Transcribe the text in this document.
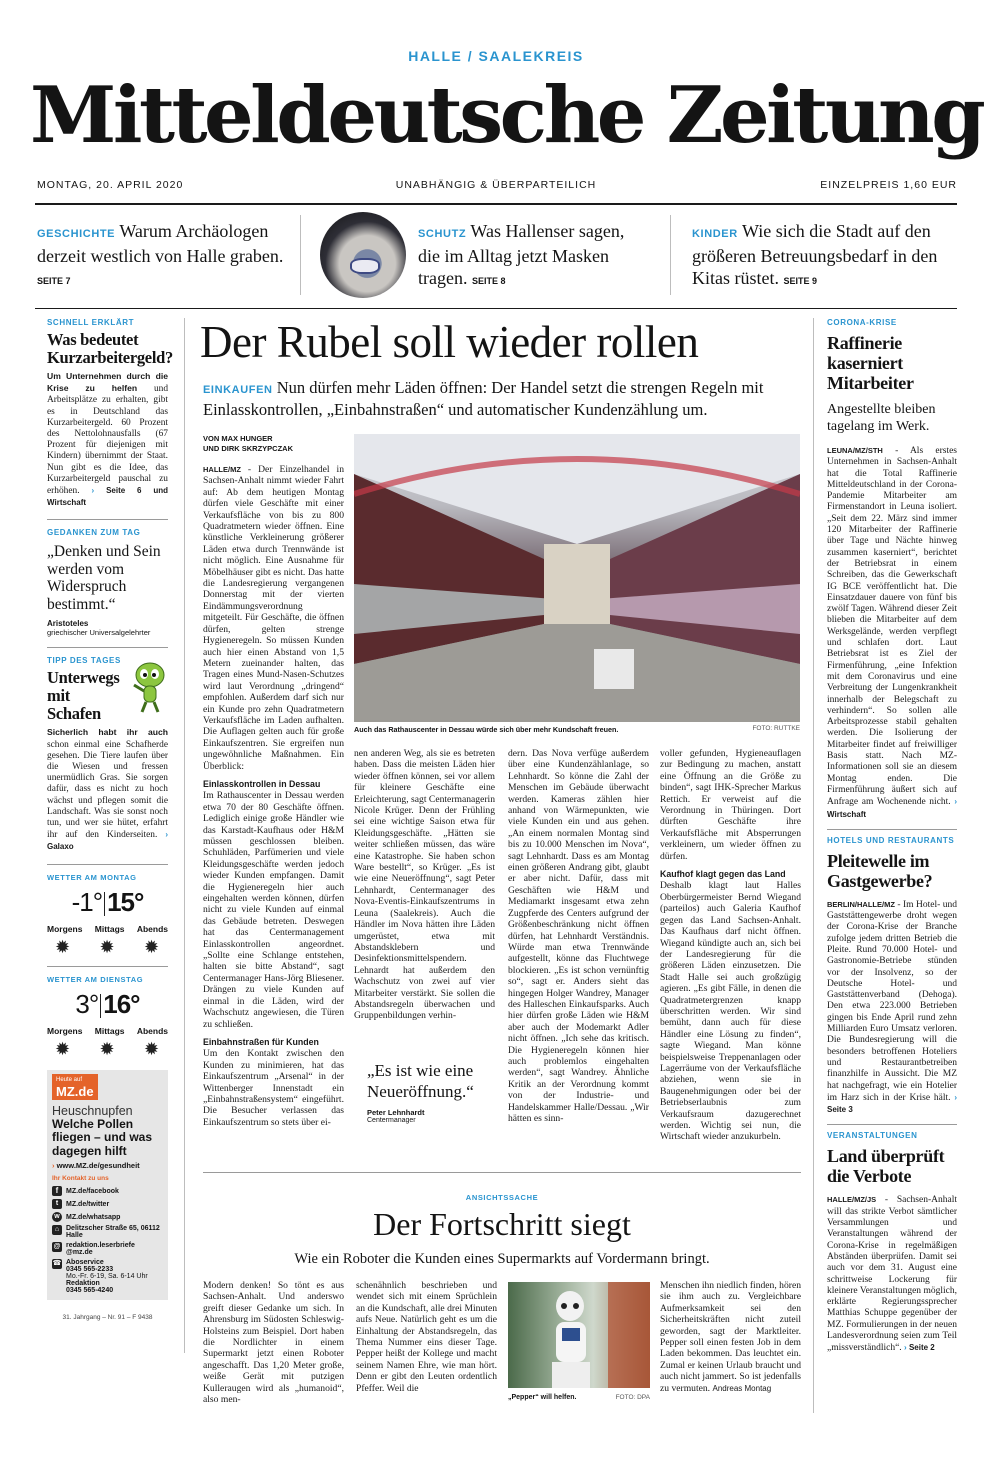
HALLE / SAALEKREIS
Mitteldeutsche Zeitung
MONTAG, 20. APRIL 2020	UNABHÄNGIG & ÜBERPARTEILICH	EINZELPREIS 1,60 EUR
GESCHICHTE Warum Archäologen derzeit westlich von Halle graben. SEITE 7
SCHUTZ Was Hallenser sagen, die im Alltag jetzt Masken tragen. SEITE 8
KINDER Wie sich die Stadt auf den größeren Betreuungsbedarf in den Kitas rüstet. SEITE 9
SCHNELL ERKLÄRT
Was bedeutet Kurzarbeitergeld?
Um Unternehmen durch die Krise zu helfen und Arbeitsplätze zu erhalten, gibt es in Deutschland das Kurzarbeitergeld. 60 Prozent des Nettolohnausfalls (67 Prozent für diejenigen mit Kindern) übernimmt der Staat. Nun gibt es die Idee, das Kurzarbeitergeld pauschal zu erhöhen.	› Seite 6 und Wirtschaft
GEDANKEN ZUM TAG
„Denken und Sein werden vom Widerspruch bestimmt.“
Aristoteles
griechischer Universalgelehrter
TIPP DES TAGES
Unterwegs mit Schafen
Sicherlich habt ihr auch schon einmal eine Schafherde gesehen. Die Tiere laufen über die Wiesen und fressen unermüdlich Gras. Sie sorgen dafür, dass es nicht zu hoch wächst und pflegen somit die Landschaft. Was sie sonst noch tun, und wer sie hütet, erfahrt ihr auf den Kinderseiten. › Galaxo
WETTER AM MONTAG
-1° 15°
Morgens Mittags Abends
✹
✹
✹
WETTER AM DIENSTAG
3° 16°
Morgens Mittags Abends
✹
✹
✹
Heute auf
MZ.de
Heuschnupfen
Welche Pollen fliegen – und was dagegen hilft
› www.MZ.de/gesundheit
Ihr Kontakt zu uns
f	MZ.de/facebook
t	MZ.de/twitter
w MZ.de/whatsapp
⌂ Delitzscher Straße 65, 06112 Halle
@ redaktion.leserbriefe @mz.de
☎ Aboservice
0345 565-2233
Mo.-Fr. 6-19, Sa. 6-14 Uhr
Redaktion
0345 565-4240
31. Jahrgang – Nr. 91 – F 9438
Der Rubel soll wieder rollen
EINKAUFEN Nun dürfen mehr Läden öffnen: Der Handel setzt die strengen Regeln mit Einlasskontrollen, „Einbahnstraßen“ und automatischer Kundenzählung um.
VON MAX HUNGER
UND DIRK SKRZYPCZAK

HALLE/MZ - Der Einzelhandel in Sachsen-Anhalt nimmt wieder Fahrt auf: Ab dem heutigen Montag dürfen viele Geschäfte mit einer Verkaufsfläche von bis zu 800 Quadratmetern wieder öffnen. Eine künstliche Verkleinerung größerer Läden etwa durch Trennwände ist nicht möglich. Eine Ausnahme für Möbelhäuser gibt es nicht. Das hatte die Landesregierung vergangenen Donnerstag mit der vierten Eindämmungsverordnung mitgeteilt. Für Geschäfte, die öffnen dürfen, gelten strenge Hygieneregeln. So müssen Kunden auch hier einen Abstand von 1,5 Metern zueinander halten, das Tragen eines Mund-Nasen-Schutzes wird laut Verordnung „dringend“ empfohlen. Außerdem darf sich nur ein Kunde pro zehn Quadratmetern Verkaufsfläche im Laden aufhalten. Die Auflagen gelten auch für große Einkaufszentren. Sie ergreifen nun ungewöhnliche Maßnahmen. Ein Überblick:

Einlasskontrollen in Dessau

Im Rathauscenter in Dessau werden etwa 70 der 80 Geschäfte öffnen. Lediglich einige große Händler wie das Karstadt-Kaufhaus oder H&M müssen geschlossen bleiben. Schuhläden, Parfümerien und viele Kleidungsgeschäfte werden jedoch wieder Kunden empfangen. Damit die Hygieneregeln hier auch eingehalten werden können, dürfen nicht zu viele Kunden auf einmal das Gebäude betreten. Deswegen hat das Centermanagement Einlasskontrollen angeordnet. „Sollte eine Schlange entstehen, halten sie bitte Abstand“, sagt Centermanager Hans-Jörg Bliesener. Drängen zu viele Kunden auf einmal in die Läden, wird der Wachschutz angewiesen, die Türen zu schließen.

Einbahnstraßen für Kunden

Um den Kontakt zwischen den Kunden zu minimieren, hat das Einkaufszentrum „Arsenal“ in der Wittenberger Innenstadt ein „Einbahnstraßensystem“ eingeführt. Die Besucher verlassen das Einkaufszentrum so stets über ei-

Auch das Rathauscenter in Dessau würde sich über mehr Kundschaft freuen.	FOTO: RUTTKE
nen anderen Weg, als sie es betreten haben. Dass die meisten Läden hier wieder öffnen können, sei vor allem für kleinere Geschäfte eine Erleichterung, sagt Centermanagerin Nicole Krüger. Denn der Frühling sei eine wichtige Saison etwa für Kleidungsgeschäfte. „Hätten sie weiter schließen müssen, das wäre eine Katastrophe. Sie haben schon Ware bestellt“, so Krüger. „Es ist wie eine Neueröffnung“, sagt Peter Lehnhardt, Centermanager des Nova-Eventis-Einkaufszentrums in Leuna (Saalekreis). Auch die Händler im Nova hätten ihre Läden umgerüstet, etwa mit Abstandsklebern und Desinfektionsmittelspendern. Lehnardt hat außerdem den Wachschutz von zwei auf vier Mitarbeiter verstärkt. Sie sollen die Abstandsregeln überwachen und Gruppenbildungen verhin-
„Es ist wie eine Neueröffnung.“
Peter Lehnhardt
Centermanager
dern. Das Nova verfüge außerdem über eine Kundenzählanlage, so Lehnhardt. So könne die Zahl der Menschen im Gebäude überwacht werden. Kameras zählen hier anhand von Wärmepunkten, wie viele Kunden ein und aus gehen. „An einem normalen Montag sind bis zu 10.000 Menschen im Nova“, sagt Lehnhardt. Dass es am Montag einen größeren Andrang gibt, glaubt er aber nicht. Dafür, dass mit Geschäften wie H&M und Mediamarkt insgesamt etwa zehn Zugpferde des Centers aufgrund der Größenbeschränkung nicht öffnen dürfen, hat Lehnhardt Verständnis. Würde man etwa Trennwände aufgestellt, könne das Fluchtwege blockieren. „Es ist schon vernünftig so“, sagt er. Anders sieht das hingegen Holger Wandrey, Manager des Halleschen Einkaufsparks. Auch hier dürfen große Läden wie H&M aber auch der Modemarkt Adler nicht öffnen. „Ich sehe das kritisch. Die Hygieneregeln können hier auch problemlos eingehalten werden“, sagt Wandrey. Ähnliche Kritik an der Verordnung kommt von der Industrie- und Handelskammer Halle/Dessau. „Wir hätten es sinn-

voller gefunden, Hygieneauflagen zur Bedingung zu machen, anstatt eine Öffnung an die Größe zu binden“, sagt IHK-Sprecher Markus Rettich. Er verweist auf die Verordnung in Thüringen. Dort dürften Geschäfte ihre Verkaufsfläche mit Absperrungen verkleinern, um wieder öffnen zu dürfen.

Kaufhof klagt gegen das Land

Deshalb klagt laut Halles Oberbürgermeister Bernd Wiegand (parteilos) auch Galeria Kaufhof gegen das Land Sachsen-Anhalt. Das Kaufhaus darf nicht öffnen. Wiegand kündigte auch an, sich bei der Landesregierung für die größeren Läden einzusetzen. Die Stadt Halle sei auch großzügig agieren. „Es gibt Fälle, in denen die Quadratmetergrenzen knapp überschritten werden. Wir sind bemüht, dann auch für diese Händler eine Lösung zu finden“, sagte Wiegand. Man könne beispielsweise Treppenanlagen oder Lagerräume von der Verkaufsfläche abziehen, wenn sie in Baugenehmigungen oder bei der Betriebserlaubnis zum Verkaufsraum dazugerechnet werden. Wichtig sei nun, die Wirtschaft wieder anzukurbeln.

ANSICHTSSACHE
Der Fortschritt siegt
Wie ein Roboter die Kunden eines Supermarkts auf Vordermann bringt.
Modern denken! So tönt es aus Sachsen-Anhalt. Und anderswo greift dieser Gedanke um sich. In Ahrensburg im Südosten Schleswig-Holsteins zum Beispiel. Dort haben die Nordlichter in einem Supermarkt jetzt einen Roboter angeschafft. Das 1,20 Meter große, weiße Gerät mit putzigen Kulleraugen wird als „humanoid“, also men-
schenähnlich beschrieben und wendet sich mit einem Sprüchlein an die Kundschaft, alle drei Minuten aufs Neue. Natürlich geht es um die Einhaltung der Abstandsregeln, das Thema Nummer eins dieser Tage. Pepper heißt der Kollege und macht seinem Namen Ehre, wie man hört. Denn er gibt den Leuten ordentlich Pfeffer. Weil die
„Pepper“ will helfen.	FOTO: DPA
Menschen ihn niedlich finden, hören sie ihm auch zu. Vergleichbare Aufmerksamkeit sei den Sicherheitskräften nicht zuteil geworden, sagt der Marktleiter. Pepper soll einen festen Job in dem Laden bekommen. Das leuchtet ein. Zumal er keinen Urlaub braucht und auch nicht jammert. So ist jedenfalls zu vermuten. Andreas Montag
CORONA-KRISE
Raffinerie kaserniert Mitarbeiter
Angestellte bleiben tagelang im Werk.
LEUNA/MZ/STH - Als erstes Unternehmen in Sachsen-Anhalt hat die Total Raffinerie Mitteldeutschland in der Corona-Pandemie Mitarbeiter am Firmenstandort in Leuna isoliert. „Seit dem 22. März sind immer 120 Mitarbeiter der Raffinerie über Tage und Nächte hinweg zusammen kaserniert“, berichtet der Betriebsrat in einem Schreiben, das die Gewerkschaft IG BCE veröffentlicht hat. Die Einsatzdauer dauere von fünf bis zwölf Tagen. Während dieser Zeit blieben die Mitarbeiter auf dem Werksgelände, werden verpflegt und schlafen dort. Laut Betriebsrat ist es Ziel der Firmenführung, „eine Infektion mit dem Coronavirus und eine Verbreitung der Lungenkrankheit innerhalb der Belegschaft zu verhindern“. So sollen alle Arbeitsprozesse stabil gehalten werden. Die Isolierung der Mitarbeiter findet auf freiwilliger Basis statt. Nach MZ-Informationen soll sie an diesem Montag enden. Die Firmenführung äußert sich auf Anfrage am Wochenende nicht. › Wirtschaft
HOTELS UND RESTAURANTS
Pleitewelle im Gastgewerbe?
BERLIN/HALLE/MZ - Im Hotel- und Gaststättengewerbe droht wegen der Corona-Krise der Branche zufolge jedem dritten Betrieb die Pleite. Rund 70.000 Hotel- und Gastronomie-Betriebe stünden vor der Insolvenz, so der Deutsche Hotel- und Gaststättenverband (Dehoga). Den etwa 223.000 Betrieben gingen bis Ende April rund zehn Milliarden Euro Umsatz verloren. Die Bundesregierung will die besonders betroffenen Hoteliers und Restaurantbetreiben finanzhilfe in Aussicht. Die MZ hat nachgefragt, wie ein Hotelier im Harz sich in der Krise hält. › Seite 3
VERANSTALTUNGEN
Land überprüft die Verbote
HALLE/MZ/JS - Sachsen-Anhalt will das strikte Verbot sämtlicher Versammlungen und Veranstaltungen während der Corona-Krise in regelmäßigen Abständen überprüfen. Damit sei auch vor dem 31. August eine schrittweise Lockerung für kleinere Veranstaltungen möglich, erklärte Regierungssprecher Matthias Schuppe gegenüber der MZ. Formulierungen in der neuen Landesverordnung seien zum Teil „missverständlich“. › Seite 2
